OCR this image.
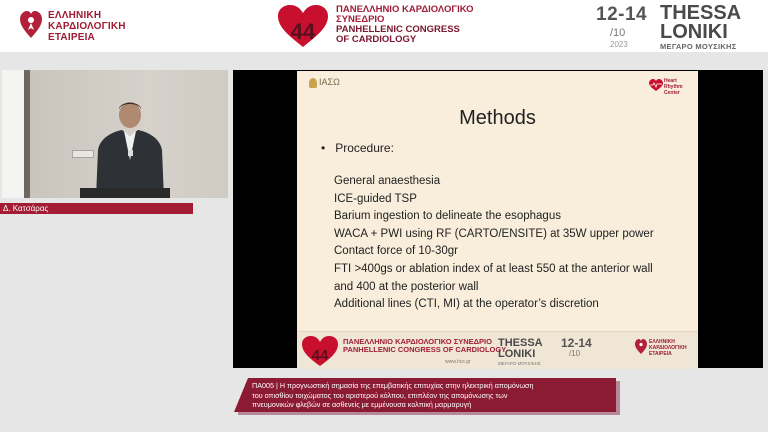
ΕΛΛΗΝΙΚΗ
ΚΑΡΔΙΟΛΟΓΙΚΗ
ΕΤΑΙΡΕΙΑ	44
ΠΑΝΕΛΛΗΝΙΟ ΚΑΡΔΙΟΛΟΓΙΚΟ
ΣΥΝΕΔΡΙΟ
PANHELLENIC CONGRESS
OF CARDIOLOGY
12-14
/10
2023
THESSA
LONIKI
ΜΕΓΑΡΟ ΜΟΥΣΙΚΗΣ
Δ. Κατσάρας
ΙΑΣΩ	Heart
Rhythm
Center
Methods
• Procedure:
General anaesthesia
ICE-guided TSP
Barium ingestion to delineate the esophagus
WACA + PWI using RF (CARTO/ENSITE) at 35W upper power
Contact force of 10-30gr
FTI >400gs or ablation index of at least 550 at the anterior wall
and 400 at the posterior wall
Additional lines (CTI, MI) at the operator’s discretion
44
ΠΑΝΕΛΛΗΝΙΟ ΚΑΡΔΙΟΛΟΓΙΚΟ ΣΥΝΕΔΡΙΟ
PANHELLENIC CONGRESS OF CARDIOLOGY
www.hcs.gr
THESSA
LONIKI
ΜΕΓΑΡΟ ΜΟΥΣΙΚΗΣ
12-14
/10
ΕΛΛΗΝΙΚΗ
ΚΑΡΔΙΟΛΟΓΙΚΗ
ΕΤΑΙΡΕΙΑ
ΠΑ005 | Η προγνωστική σημασία της επεμβατικής επιτυχίας στην ηλεκτρική απομόνωση
του οπισθίου τοιχώματος του αριστερού κόλπου, επιπλέον της απομόνωσης των
πνευμονικών φλεβών σε ασθενείς με εμμένουσα κολπική μαρμαρυγή
